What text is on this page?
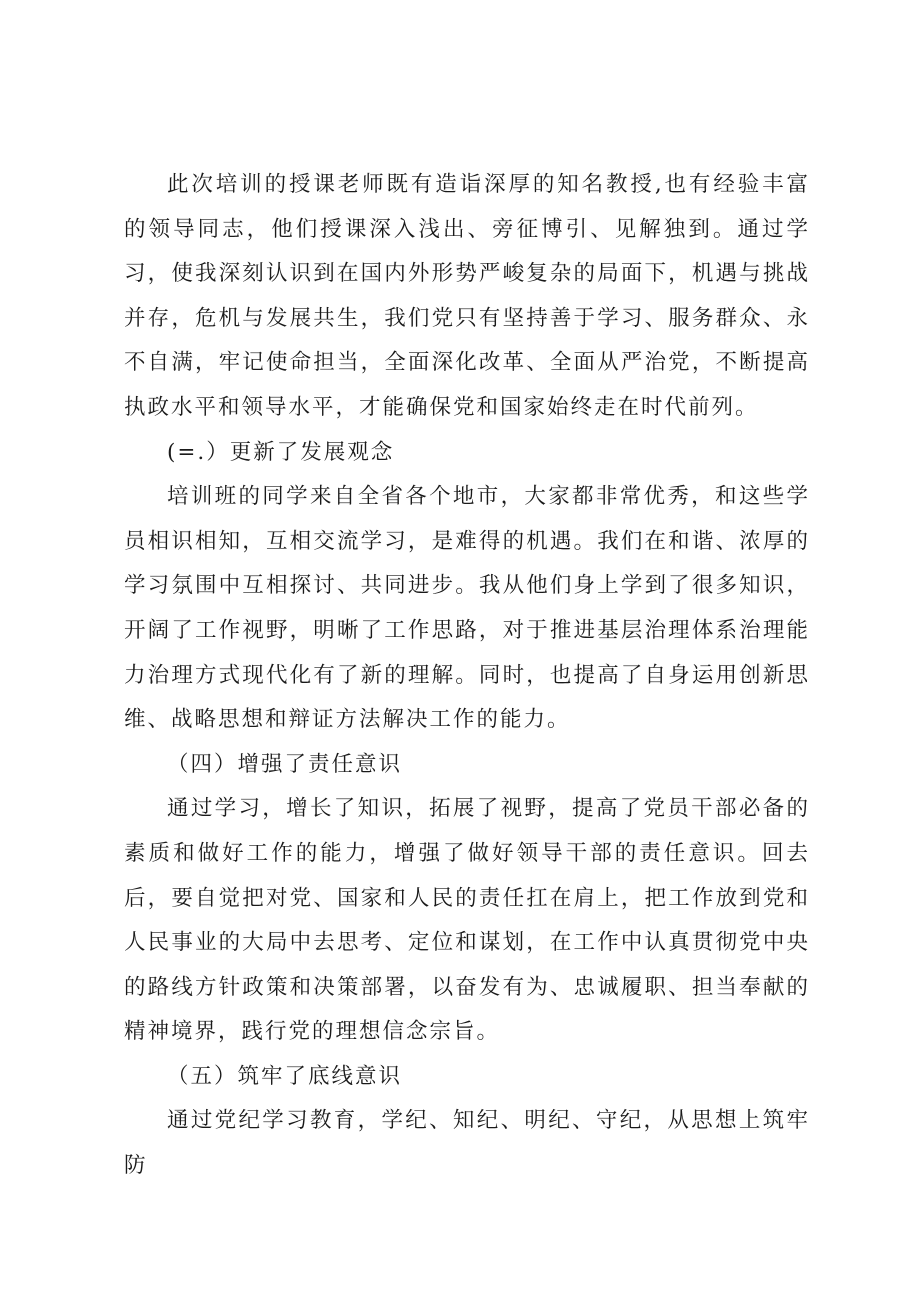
此次培训的授课老师既有造诣深厚的知名教授,也有经验丰富的领导同志，他们授课深入浅出、旁征博引、见解独到。通过学习，使我深刻认识到在国内外形势严峻复杂的局面下，机遇与挑战并存，危机与发展共生，我们党只有坚持善于学习、服务群众、永不自满，牢记使命担当，全面深化改革、全面从严治党，不断提高执政水平和领导水平，才能确保党和国家始终走在时代前列。

(=.）更新了发展观念

培训班的同学来自全省各个地市，大家都非常优秀，和这些学员相识相知，互相交流学习，是难得的机遇。我们在和谐、浓厚的学习氛围中互相探讨、共同进步。我从他们身上学到了很多知识，开阔了工作视野，明晰了工作思路，对于推进基层治理体系治理能力治理方式现代化有了新的理解。同时，也提高了自身运用创新思维、战略思想和辩证方法解决工作的能力。

（四）增强了责任意识

通过学习，增长了知识，拓展了视野，提高了党员干部必备的素质和做好工作的能力，增强了做好领导干部的责任意识。回去后，要自觉把对党、国家和人民的责任扛在肩上，把工作放到党和人民事业的大局中去思考、定位和谋划，在工作中认真贯彻党中央的路线方针政策和决策部署，以奋发有为、忠诚履职、担当奉献的精神境界，践行党的理想信念宗旨。

（五）筑牢了底线意识

通过党纪学习教育，学纪、知纪、明纪、守纪，从思想上筑牢防
